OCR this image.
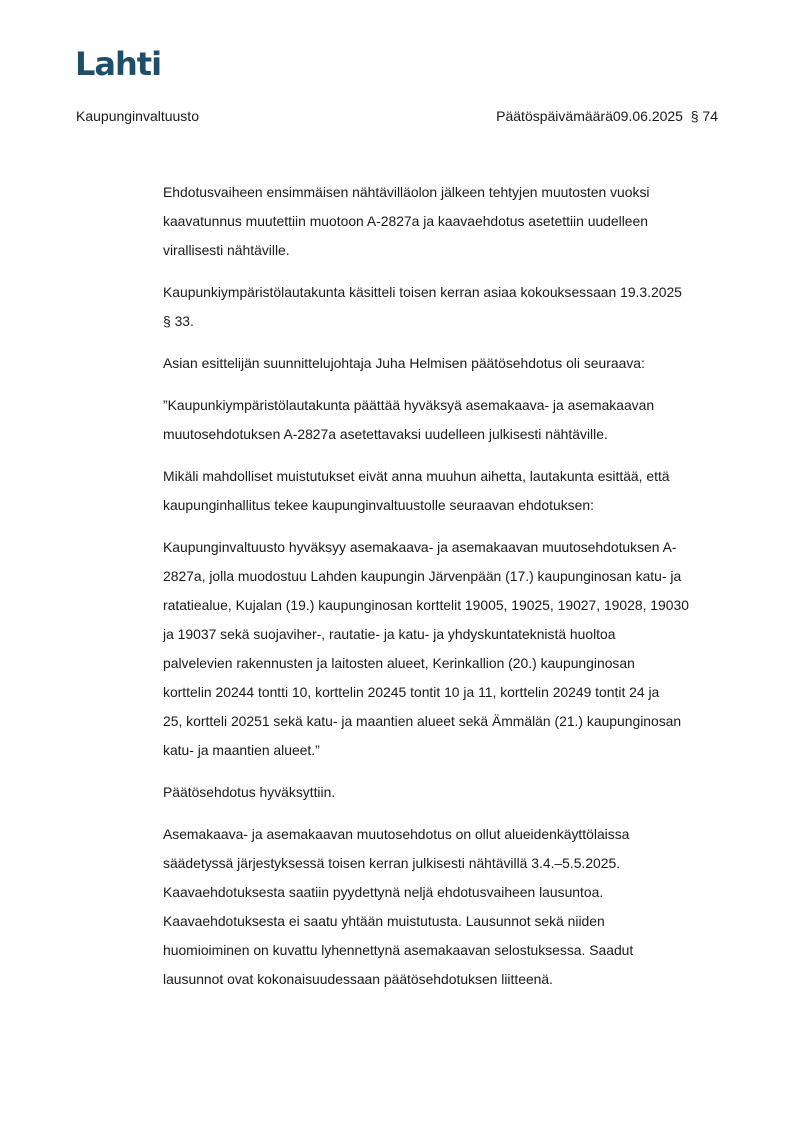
Lahti
Kaupunginvaltuusto	Päätöspäivämäärä09.06.2025 § 74

Ehdotusvaiheen ensimmäisen nähtävilläolon jälkeen tehtyjen muutosten vuoksi
kaavatunnus muutettiin muotoon A-2827a ja kaavaehdotus asetettiin uudelleen
virallisesti nähtäville.

Kaupunkiympäristölautakunta käsitteli toisen kerran asiaa kokouksessaan 19.3.2025
§ 33.

Asian esittelijän suunnittelujohtaja Juha Helmisen päätösehdotus oli seuraava:

”Kaupunkiympäristölautakunta päättää hyväksyä asemakaava- ja asemakaavan
muutosehdotuksen A-2827a asetettavaksi uudelleen julkisesti nähtäville.

Mikäli mahdolliset muistutukset eivät anna muuhun aihetta, lautakunta esittää, että
kaupunginhallitus tekee kaupunginvaltuustolle seuraavan ehdotuksen:

Kaupunginvaltuusto hyväksyy asemakaava- ja asemakaavan muutosehdotuksen A-
2827a, jolla muodostuu Lahden kaupungin Järvenpään (17.) kaupunginosan katu- ja
ratatiealue, Kujalan (19.) kaupunginosan korttelit 19005, 19025, 19027, 19028, 19030
ja 19037 sekä suojaviher-, rautatie- ja katu- ja yhdyskuntateknistä huoltoa
palvelevien rakennusten ja laitosten alueet, Kerinkallion (20.) kaupunginosan
korttelin 20244 tontti 10, korttelin 20245 tontit 10 ja 11, korttelin 20249 tontit 24 ja
25, kortteli 20251 sekä katu- ja maantien alueet sekä Ämmälän (21.) kaupunginosan
katu- ja maantien alueet.”

Päätösehdotus hyväksyttiin.

Asemakaava- ja asemakaavan muutosehdotus on ollut alueidenkäyttölaissa
säädetyssä järjestyksessä toisen kerran julkisesti nähtävillä 3.4.–5.5.2025.
Kaavaehdotuksesta saatiin pyydettynä neljä ehdotusvaiheen lausuntoa.
Kaavaehdotuksesta ei saatu yhtään muistutusta. Lausunnot sekä niiden
huomioiminen on kuvattu lyhennettynä asemakaavan selostuksessa. Saadut
lausunnot ovat kokonaisuudessaan päätösehdotuksen liitteenä.
